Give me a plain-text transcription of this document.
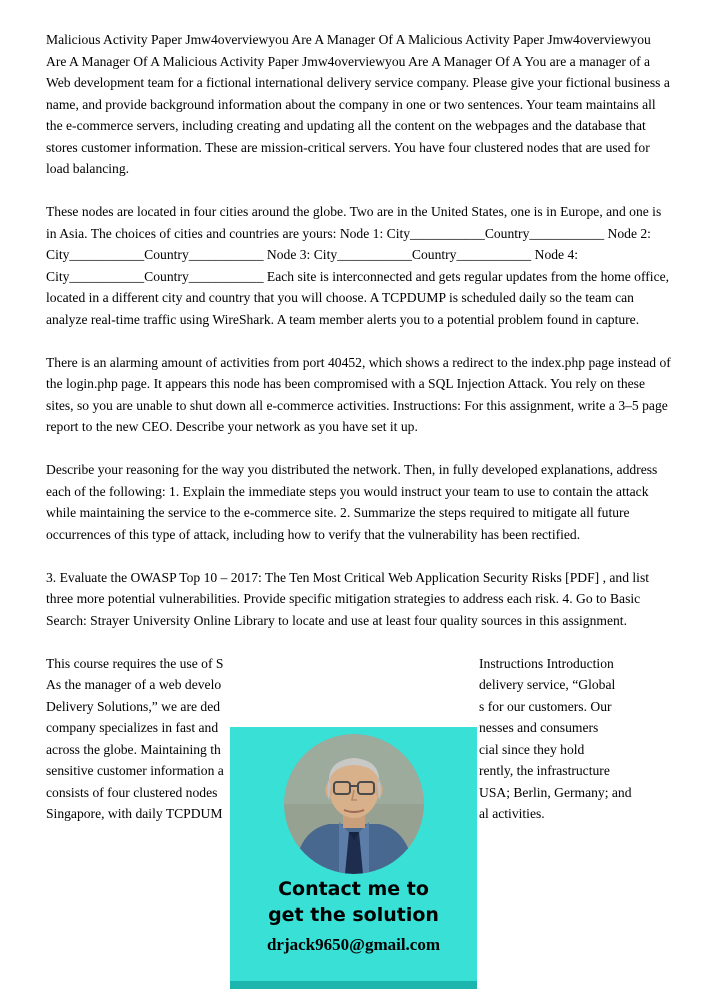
Malicious Activity Paper Jmw4overviewyou Are A Manager Of A Malicious Activity Paper Jmw4overviewyou Are A Manager Of A Malicious Activity Paper Jmw4overviewyou Are A Manager Of A You are a manager of a Web development team for a fictional international delivery service company. Please give your fictional business a name, and provide background information about the company in one or two sentences. Your team maintains all the e-commerce servers, including creating and updating all the content on the webpages and the database that stores customer information. These are mission-critical servers. You have four clustered nodes that are used for load balancing.

These nodes are located in four cities around the globe. Two are in the United States, one is in Europe, and one is in Asia. The choices of cities and countries are yours: Node 1: City___________Country___________ Node 2: City___________Country___________ Node 3: City___________Country___________ Node 4: City___________Country___________ Each site is interconnected and gets regular updates from the home office, located in a different city and country that you will choose. A TCPDUMP is scheduled daily so the team can analyze real-time traffic using WireShark. A team member alerts you to a potential problem found in capture.

There is an alarming amount of activities from port 40452, which shows a redirect to the index.php page instead of the login.php page. It appears this node has been compromised with a SQL Injection Attack. You rely on these sites, so you are unable to shut down all e-commerce activities. Instructions: For this assignment, write a 3–5 page report to the new CEO. Describe your network as you have set it up.

Describe your reasoning for the way you distributed the network. Then, in fully developed explanations, address each of the following: 1. Explain the immediate steps you would instruct your team to use to contain the attack while maintaining the service to the e-commerce site. 2. Summarize the steps required to mitigate all future occurrences of this type of attack, including how to verify that the vulnerability has been rectified.

3. Evaluate the OWASP Top 10 – 2017: The Ten Most Critical Web Application Security Risks [PDF] , and list three more potential vulnerabilities. Provide specific mitigation strategies to address each risk. 4. Go to Basic Search: Strayer University Online Library to locate and use at least four quality sources in this assignment.

This course requires the use of S	Instructions Introduction
As the manager of a web develo	delivery service, “Global
Delivery Solutions,” we are ded	s for our customers. Our
company specializes in fast and	nesses and consumers
across the globe. Maintaining th	cial since they hold
sensitive customer information a	rently, the infrastructure
consists of four clustered nodes	USA; Berlin, Germany; and
Singapore, with daily TCPDUM	al activities.
Contact me to
get the solution
drjack9650@gmail.com
